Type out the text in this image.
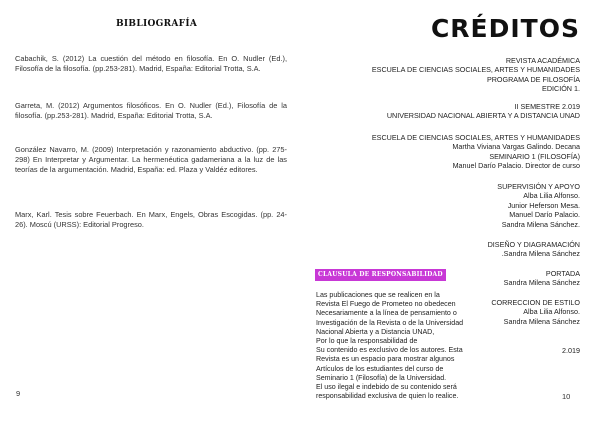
BIBLIOGRAFÍA

Cabachik, S. (2012) La cuestión del método en filosofía. En O. Nudler (Ed.), Filosofía de la filosofía. (pp.253-281). Madrid, España: Editorial Trotta, S.A.

Garreta, M. (2012) Argumentos filosóficos. En O. Nudler (Ed.), Filosofía de la filosofía. (pp.253-281). Madrid, España: Editorial Trotta, S.A.

González Navarro, M. (2009) Interpretación y razonamiento abductivo. (pp. 275-298) En Interpretar y Argumentar. La hermenéutica gadameriana a la luz de las teorías de la argumentación. Madrid, España: ed. Plaza y Valdéz editores.

Marx, Karl. Tesis sobre Feuerbach. En Marx, Engels, Obras Escogidas. (pp. 24-26). Moscú (URSS): Editorial Progreso.

9
CRÉDITOS
REVISTA ACADÉMICA
ESCUELA DE CIENCIAS SOCIALES, ARTES Y HUMANIDADES
PROGRAMA DE FILOSOFÍA
EDICIÓN 1.
II SEMESTRE 2.019
UNIVERSIDAD NACIONAL ABIERTA Y A DISTANCIA UNAD
ESCUELA DE CIENCIAS SOCIALES, ARTES Y HUMANIDADES
Martha Viviana Vargas Galindo. Decana
SEMINARIO 1 (FILOSOFÍA)
Manuel Darío Palacio. Director de curso
SUPERVISIÓN Y APOYO
Alba Lilia Alfonso.
Junior Heferson Mesa.
Manuel Darío Palacio.
Sandra Milena Sánchez.
DISEÑO Y DIAGRAMACIÓN
.Sandra Milena Sánchez
PORTADA
Sandra Milena Sánchez
CORRECCION DE ESTILO
Alba Lilia Alfonso.
Sandra Milena Sánchez
2.019
CLAUSULA DE RESPONSABILIDAD
Las publicaciones que se realicen en la
Revista El Fuego de Prometeo no obedecen
Necesariamente a la línea de pensamiento o
Investigación de la Revista o de la Universidad
Nacional Abierta y a Distancia UNAD,
Por lo que la responsabilidad de
Su contenido es exclusivo de los autores. Esta
Revista es un espacio para mostrar algunos
Artículos de los estudiantes del curso de
Seminario 1 (Filosofía) de la Universidad.
El uso ilegal e indebido de su contenido será
responsabilidad exclusiva de quien lo realice.	10
